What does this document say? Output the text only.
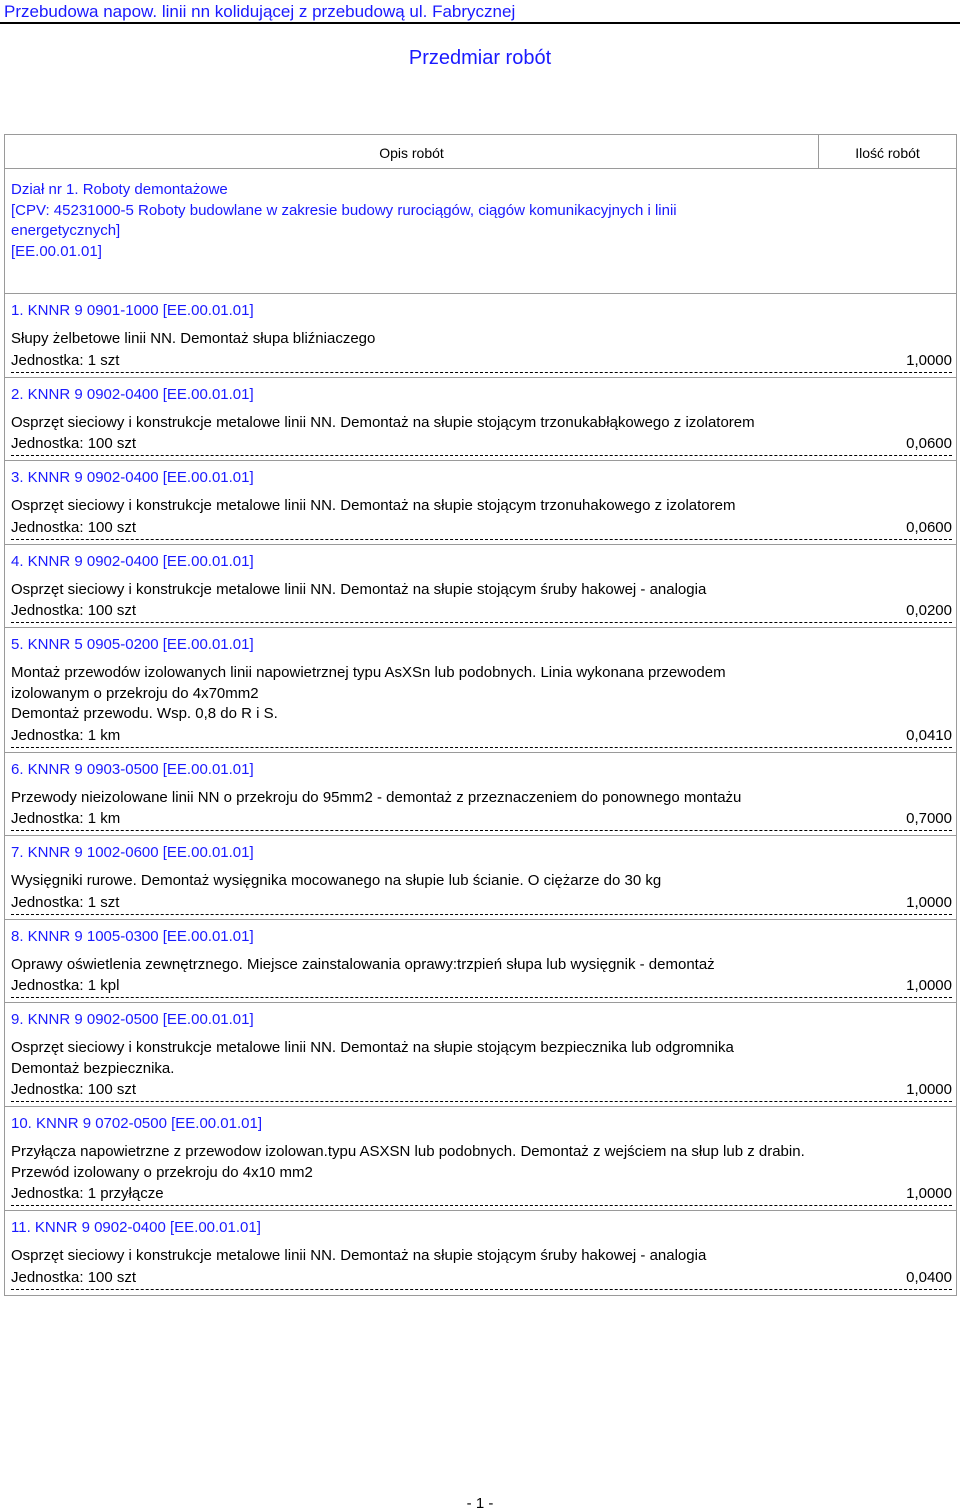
Przebudowa napow. linii nn kolidującej z przebudową ul. Fabrycznej
Przedmiar robót
Opis robót	Ilość robót
Dział nr 1. Roboty demontażowe
[CPV: 45231000-5 Roboty budowlane w zakresie budowy rurociągów, ciągów komunikacyjnych i linii
energetycznych]
[EE.00.01.01]
1. KNNR 9 0901-1000 [EE.00.01.01]
Słupy żelbetowe linii NN. Demontaż słupa bliźniaczego
Jednostka: 1 szt	1,0000
2. KNNR 9 0902-0400 [EE.00.01.01]
Osprzęt sieciowy i konstrukcje metalowe linii NN. Demontaż na słupie stojącym trzonukabłąkowego z izolatorem
Jednostka: 100 szt	0,0600
3. KNNR 9 0902-0400 [EE.00.01.01]
Osprzęt sieciowy i konstrukcje metalowe linii NN. Demontaż na słupie stojącym trzonuhakowego z izolatorem
Jednostka: 100 szt	0,0600
4. KNNR 9 0902-0400 [EE.00.01.01]
Osprzęt sieciowy i konstrukcje metalowe linii NN. Demontaż na słupie stojącym śruby hakowej - analogia
Jednostka: 100 szt	0,0200
5. KNNR 5 0905-0200 [EE.00.01.01]
Montaż przewodów izolowanych linii napowietrznej typu AsXSn lub podobnych. Linia wykonana przewodem
izolowanym o przekroju do 4x70mm2
Demontaż przewodu. Wsp. 0,8 do R i S.
Jednostka: 1 km	0,0410
6. KNNR 9 0903-0500 [EE.00.01.01]
Przewody nieizolowane linii NN o przekroju do 95mm2 - demontaż z przeznaczeniem do ponownego montażu
Jednostka: 1 km	0,7000
7. KNNR 9 1002-0600 [EE.00.01.01]
Wysięgniki rurowe. Demontaż wysięgnika mocowanego na słupie lub ścianie. O ciężarze do 30 kg
Jednostka: 1 szt	1,0000
8. KNNR 9 1005-0300 [EE.00.01.01]
Oprawy oświetlenia zewnętrznego. Miejsce zainstalowania oprawy:trzpień słupa lub wysięgnik - demontaż
Jednostka: 1 kpl	1,0000
9. KNNR 9 0902-0500 [EE.00.01.01]
Osprzęt sieciowy i konstrukcje metalowe linii NN. Demontaż na słupie stojącym bezpiecznika lub odgromnika
Demontaż bezpiecznika.
Jednostka: 100 szt	1,0000
10. KNNR 9 0702-0500 [EE.00.01.01]
Przyłącza napowietrzne z przewodow izolowan.typu ASXSN lub podobnych. Demontaż z wejściem na słup lub z drabin.
Przewód izolowany o przekroju do 4x10 mm2
Jednostka: 1 przyłącze	1,0000
11. KNNR 9 0902-0400 [EE.00.01.01]
Osprzęt sieciowy i konstrukcje metalowe linii NN. Demontaż na słupie stojącym śruby hakowej - analogia
Jednostka: 100 szt	0,0400
- 1 -
